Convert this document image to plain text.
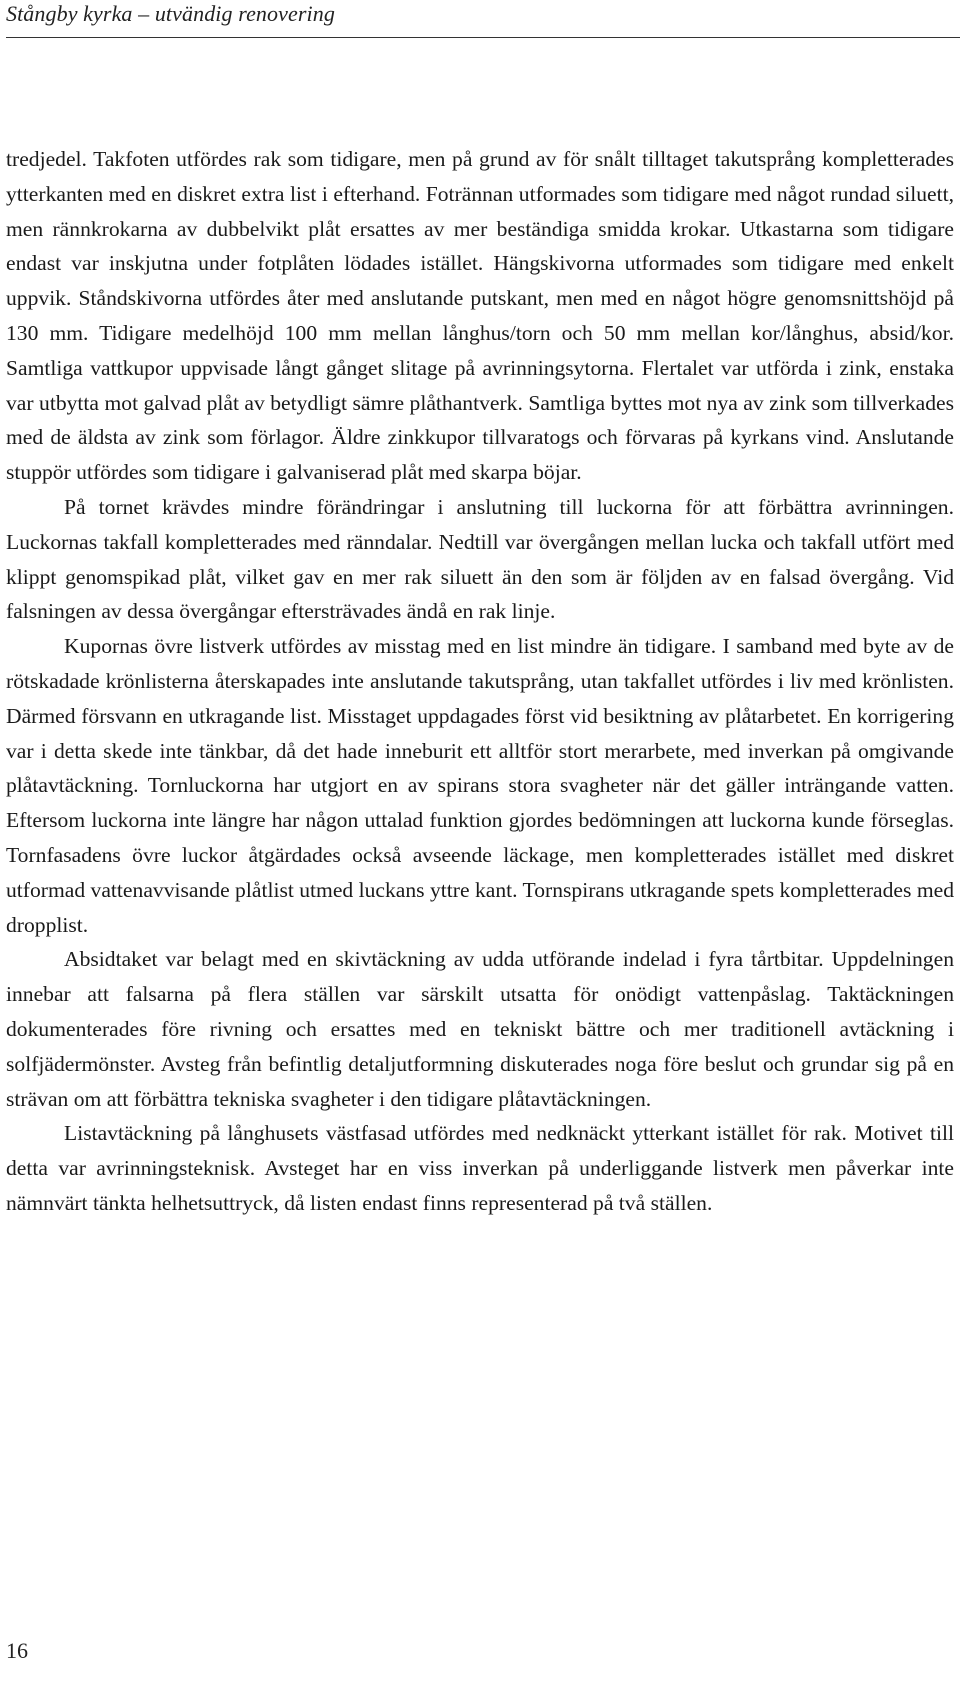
Stångby kyrka – utvändig renovering

tredjedel. Takfoten utfördes rak som tidigare, men på grund av för snålt tilltaget takutsprång kompletterades ytterkanten med en diskret extra list i efterhand. Fotrännan utformades som tidigare med något rundad siluett, men rännkrokarna av dubbelvikt plåt ersattes av mer beständiga smidda krokar. Utkastarna som tidigare endast var inskjutna under fotplåten lödades istället. Hängskivorna utformades som tidigare med enkelt uppvik. Ståndskivorna utfördes åter med anslutande putskant, men med en något högre genomsnittshöjd på 130 mm. Tidigare medelhöjd 100 mm mellan långhus/torn och 50 mm mellan kor/långhus, absid/kor. Samtliga vattkupor uppvisade långt gånget slitage på avrinningsytorna. Flertalet var utförda i zink, enstaka var utbytta mot galvad plåt av betydligt sämre plåthantverk. Samtliga byttes mot nya av zink som tillverkades med de äldsta av zink som förlagor. Äldre zinkkupor tillvaratogs och förvaras på kyrkans vind. Anslutande stupрör utfördes som tidigare i galvaniserad plåt med skarpa böjar.

På tornet krävdes mindre förändringar i anslutning till luckorna för att förbättra avrinningen. Luckornas takfall kompletterades med ränndalar. Nedtill var övergången mellan lucka och takfall utfört med klippt genomspikad plåt, vilket gav en mer rak siluett än den som är följden av en falsad övergång. Vid falsningen av dessa övergångar eftersträvades ändå en rak linje.

Kupornas övre listverk utfördes av misstag med en list mindre än tidigare. I samband med byte av de rötskadade krönlisterna återskapades inte anslutande takutsprång, utan takfallet utfördes i liv med krönlisten. Därmed försvann en utkragande list. Misstaget uppdagades först vid besiktning av plåtarbetet. En korrigering var i detta skede inte tänkbar, då det hade inneburit ett alltför stort merarbete, med inverkan på omgivande plåtavtäckning. Tornluckorna har utgjort en av spirans stora svagheter när det gäller inträngande vatten. Eftersom luckorna inte längre har någon uttalad funktion gjordes bedömningen att luckorna kunde förseglas. Tornfasadens övre luckor åtgärdades också avseende läckage, men kompletterades istället med diskret utformad vattenavvisande plåtlist utmed luckans yttre kant. Tornspirans utkragande spets kompletterades med dropplist.

Absidtaket var belagt med en skivtäckning av udda utförande indelad i fyra tårtbitar. Uppdelningen innebar att falsarna på flera ställen var särskilt utsatta för onödigt vattenpåslag. Taktäckningen dokumenterades före rivning och ersattes med en tekniskt bättre och mer traditionell avtäckning i solfjädermönster. Avsteg från befintlig detaljutformning diskuterades noga före beslut och grundar sig på en strävan om att förbättra tekniska svagheter i den tidigare plåtavtäckningen.

Listavtäckning på långhusets västfasad utfördes med nedknäckt ytterkant istället för rak. Motivet till detta var avrinningsteknisk. Avsteget har en viss inverkan på underliggande listverk men påverkar inte nämnvärt tänkta helhetsuttryck, då listen endast finns representerad på två ställen.

16
